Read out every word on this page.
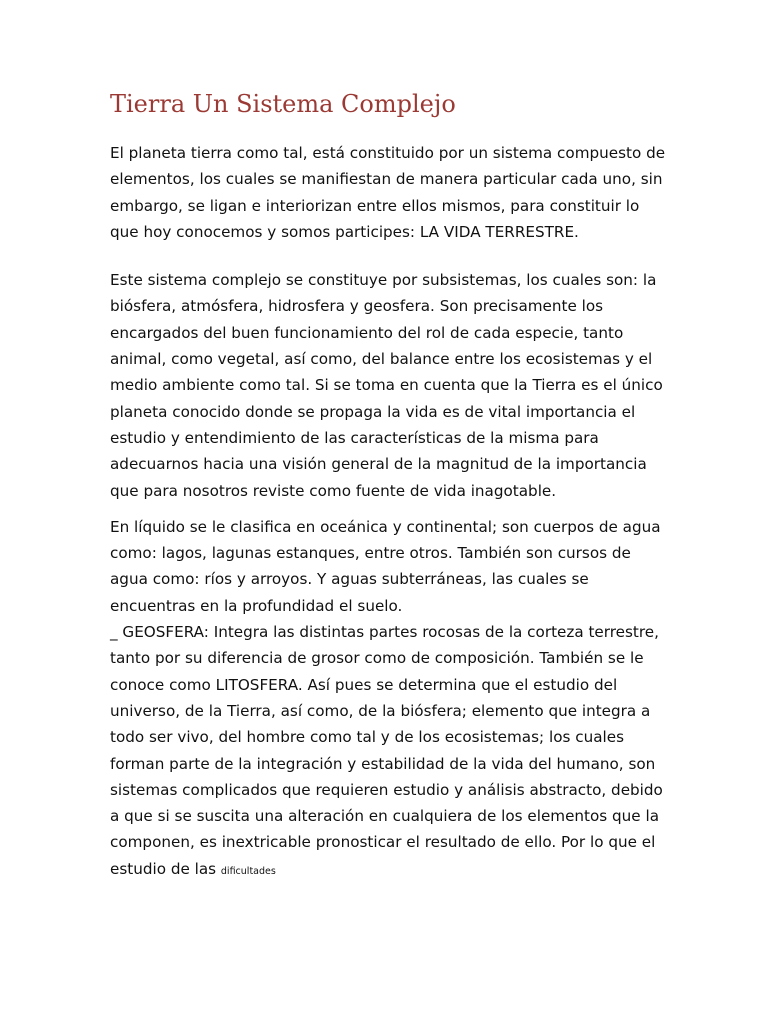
Tierra Un Sistema Complejo

El planeta tierra como tal, está constituido por un sistema compuesto de elementos, los cuales se manifiestan de manera particular cada uno, sin embargo, se ligan e interiorizan entre ellos mismos, para constituir lo que hoy conocemos y somos participes: LA VIDA TERRESTRE.

Este sistema complejo se constituye por subsistemas, los cuales son: la biósfera, atmósfera, hidrosfera y geosfera. Son precisamente los encargados del buen funcionamiento del rol de cada especie, tanto animal, como vegetal, así como, del balance entre los ecosistemas y el medio ambiente como tal. Si se toma en cuenta que la Tierra es el único planeta conocido donde se propaga la vida es de vital importancia el estudio y entendimiento de las características de la misma para adecuarnos hacia una visión general de la magnitud de la importancia que para nosotros reviste como fuente de vida inagotable.

En líquido se le clasifica en oceánica y continental; son cuerpos de agua como: lagos, lagunas estanques, entre otros. También son cursos de agua como: ríos y arroyos. Y aguas subterráneas, las cuales se encuentras en la profundidad el suelo.

_ GEOSFERA: Integra las distintas partes rocosas de la corteza terrestre, tanto por su diferencia de grosor como de composición. También se le conoce como LITOSFERA. Así pues se determina que el estudio del universo, de la Tierra, así como, de la biósfera; elemento que integra a todo ser vivo, del hombre como tal y de los ecosistemas; los cuales forman parte de la integración y estabilidad de la vida del humano, son sistemas complicados que requieren estudio y análisis abstracto, debido a que si se suscita una alteración en cualquiera de los elementos que la componen, es inextricable pronosticar el resultado de ello. Por lo que el estudio de las dificultades
